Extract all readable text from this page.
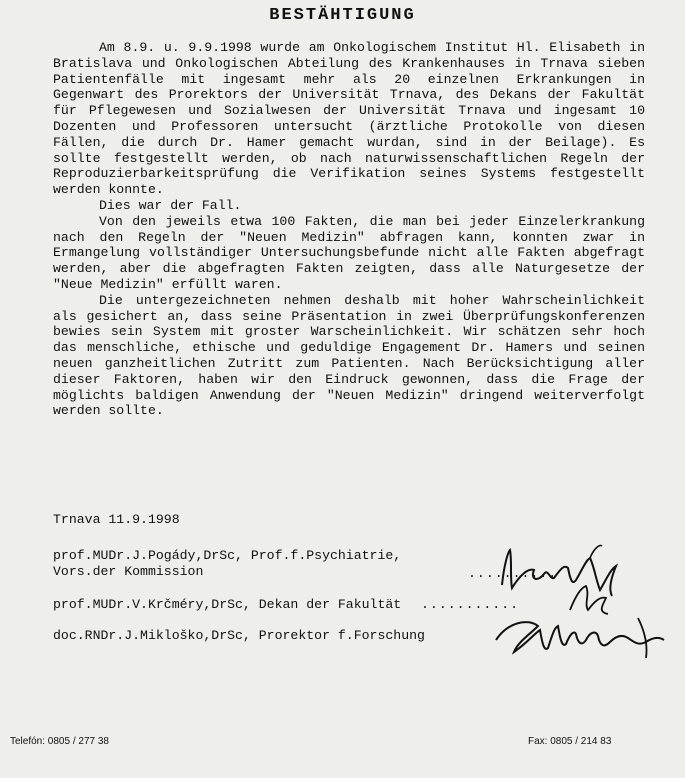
BESTÄHTIGUNG

Am 8.9. u. 9.9.1998 wurde am Onkologischem Institut Hl. Elisabeth in Bratislava und Onkologischen Abteilung des Krankenhauses in Trnava sieben Patientenfälle mit ingesamt mehr als 20 einzelnen Erkrankungen in Gegenwart des Prorektors der Universität Trnava, des Dekans der Fakultät für Pflegewesen und Sozialwesen der Universität Trnava und ingesamt 10 Dozenten und Professoren untersucht (ärztliche Protokolle von diesen Fällen, die durch Dr. Hamer gemacht wurdan, sind in der Beilage). Es sollte festgestellt werden, ob nach naturwissenschaftlichen Regeln der Reproduzierbarkeitsprüfung die Verifikation seines Systems festgestellt werden konnte.

Dies war der Fall.

Von den jeweils etwa 100 Fakten, die man bei jeder Einzelerkrankung nach den Regeln der "Neuen Medizin" abfragen kann, konnten zwar in Ermangelung vollständiger Untersuchungsbefunde nicht alle Fakten abgefragt werden, aber die abgefragten Fakten zeigten, dass alle Naturgesetze der "Neue Medizin" erfüllt waren.

Die untergezeichneten nehmen deshalb mit hoher Wahrscheinlichkeit als gesichert an, dass seine Präsentation in zwei Überprüfungskonferenzen bewies sein System mit groster Warscheinlichkeit. Wir schätzen sehr hoch das menschliche, ethische und geduldige Engagement Dr. Hamers und seinen neuen ganzheitlichen Zutritt zum Patienten. Nach Berücksichtigung aller dieser Faktoren, haben wir den Eindruck gewonnen, dass die Frage der möglichts baldigen Anwendung der "Neuen Medizin" dringend weiterverfolgt werden sollte.

Trnava 11.9.1998
prof.MUDr.J.Pogády,DrSc, Prof.f.Psychiatrie,
Vors.der Kommission	..........
prof.MUDr.V.Krčméry,DrSc, Dekan der Fakultät ...........
doc.RNDr.J.Mikloško,DrSc, Prorektor f.Forschung
Telefón: 0805 / 277 38	Fax: 0805 / 214 83
